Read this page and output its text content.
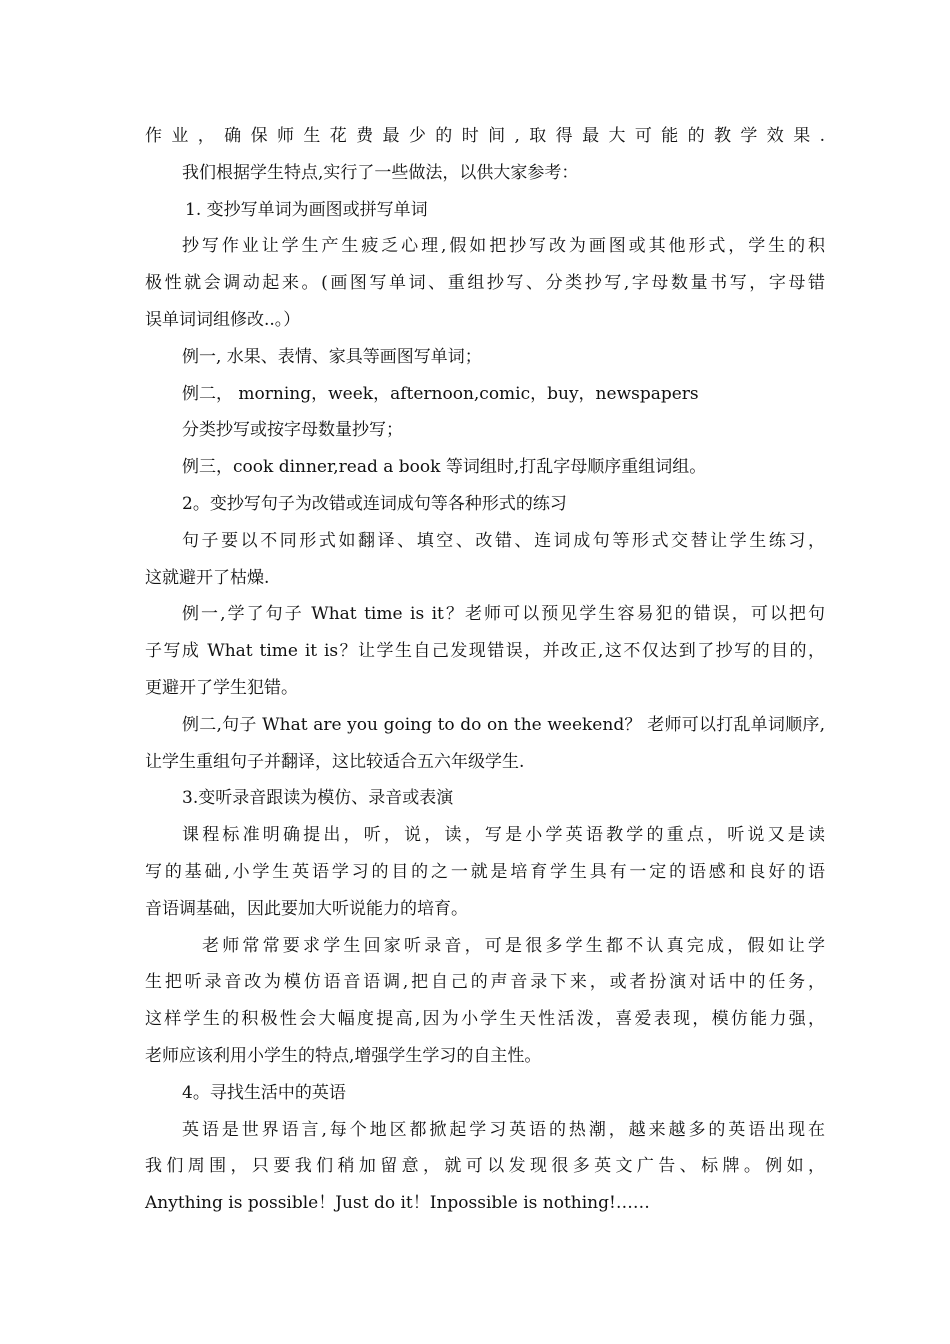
作业，确保师生花费最少的时间,取得最大可能的教学效果.
我们根据学生特点,实行了一些做法，以供大家参考：
1. 变抄写单词为画图或拼写单词
抄写作业让学生产生疲乏心理,假如把抄写改为画图或其他形式，学生的积
极性就会调动起来。(画图写单词、重组抄写、分类抄写,字母数量书写，字母错
误单词词组修改..。）
例一, 水果、表情、家具等画图写单词；
例二， morning，week，afternoon,comic，buy，newspapers
分类抄写或按字母数量抄写；
例三，cook dinner,read a book 等词组时,打乱字母顺序重组词组。
2。变抄写句子为改错或连词成句等各种形式的练习
句子要以不同形式如翻译、填空、改错、连词成句等形式交替让学生练习，
这就避开了枯燥.
例一,学了句子 What time is it？老师可以预见学生容易犯的错误，可以把句
子写成 What time it is？让学生自己发现错误，并改正,这不仅达到了抄写的目的，
更避开了学生犯错。
例二,句子 What are you going to do on the weekend？ 老师可以打乱单词顺序,
让学生重组句子并翻译，这比较适合五六年级学生.
3.变听录音跟读为模仿、录音或表演
课程标准明确提出，听，说，读，写是小学英语教学的重点，听说又是读
写的基础,小学生英语学习的目的之一就是培育学生具有一定的语感和良好的语
音语调基础，因此要加大听说能力的培育。
老师常常要求学生回家听录音，可是很多学生都不认真完成，假如让学
生把听录音改为模仿语音语调,把自己的声音录下来，或者扮演对话中的任务，
这样学生的积极性会大幅度提高,因为小学生天性活泼，喜爱表现，模仿能力强，
老师应该利用小学生的特点,增强学生学习的自主性。
4。寻找生活中的英语
英语是世界语言,每个地区都掀起学习英语的热潮，越来越多的英语出现在
我们周围，只要我们稍加留意，就可以发现很多英文广告、标牌。例如，
Anything is possible！Just do it！Inpossible is nothing!……
